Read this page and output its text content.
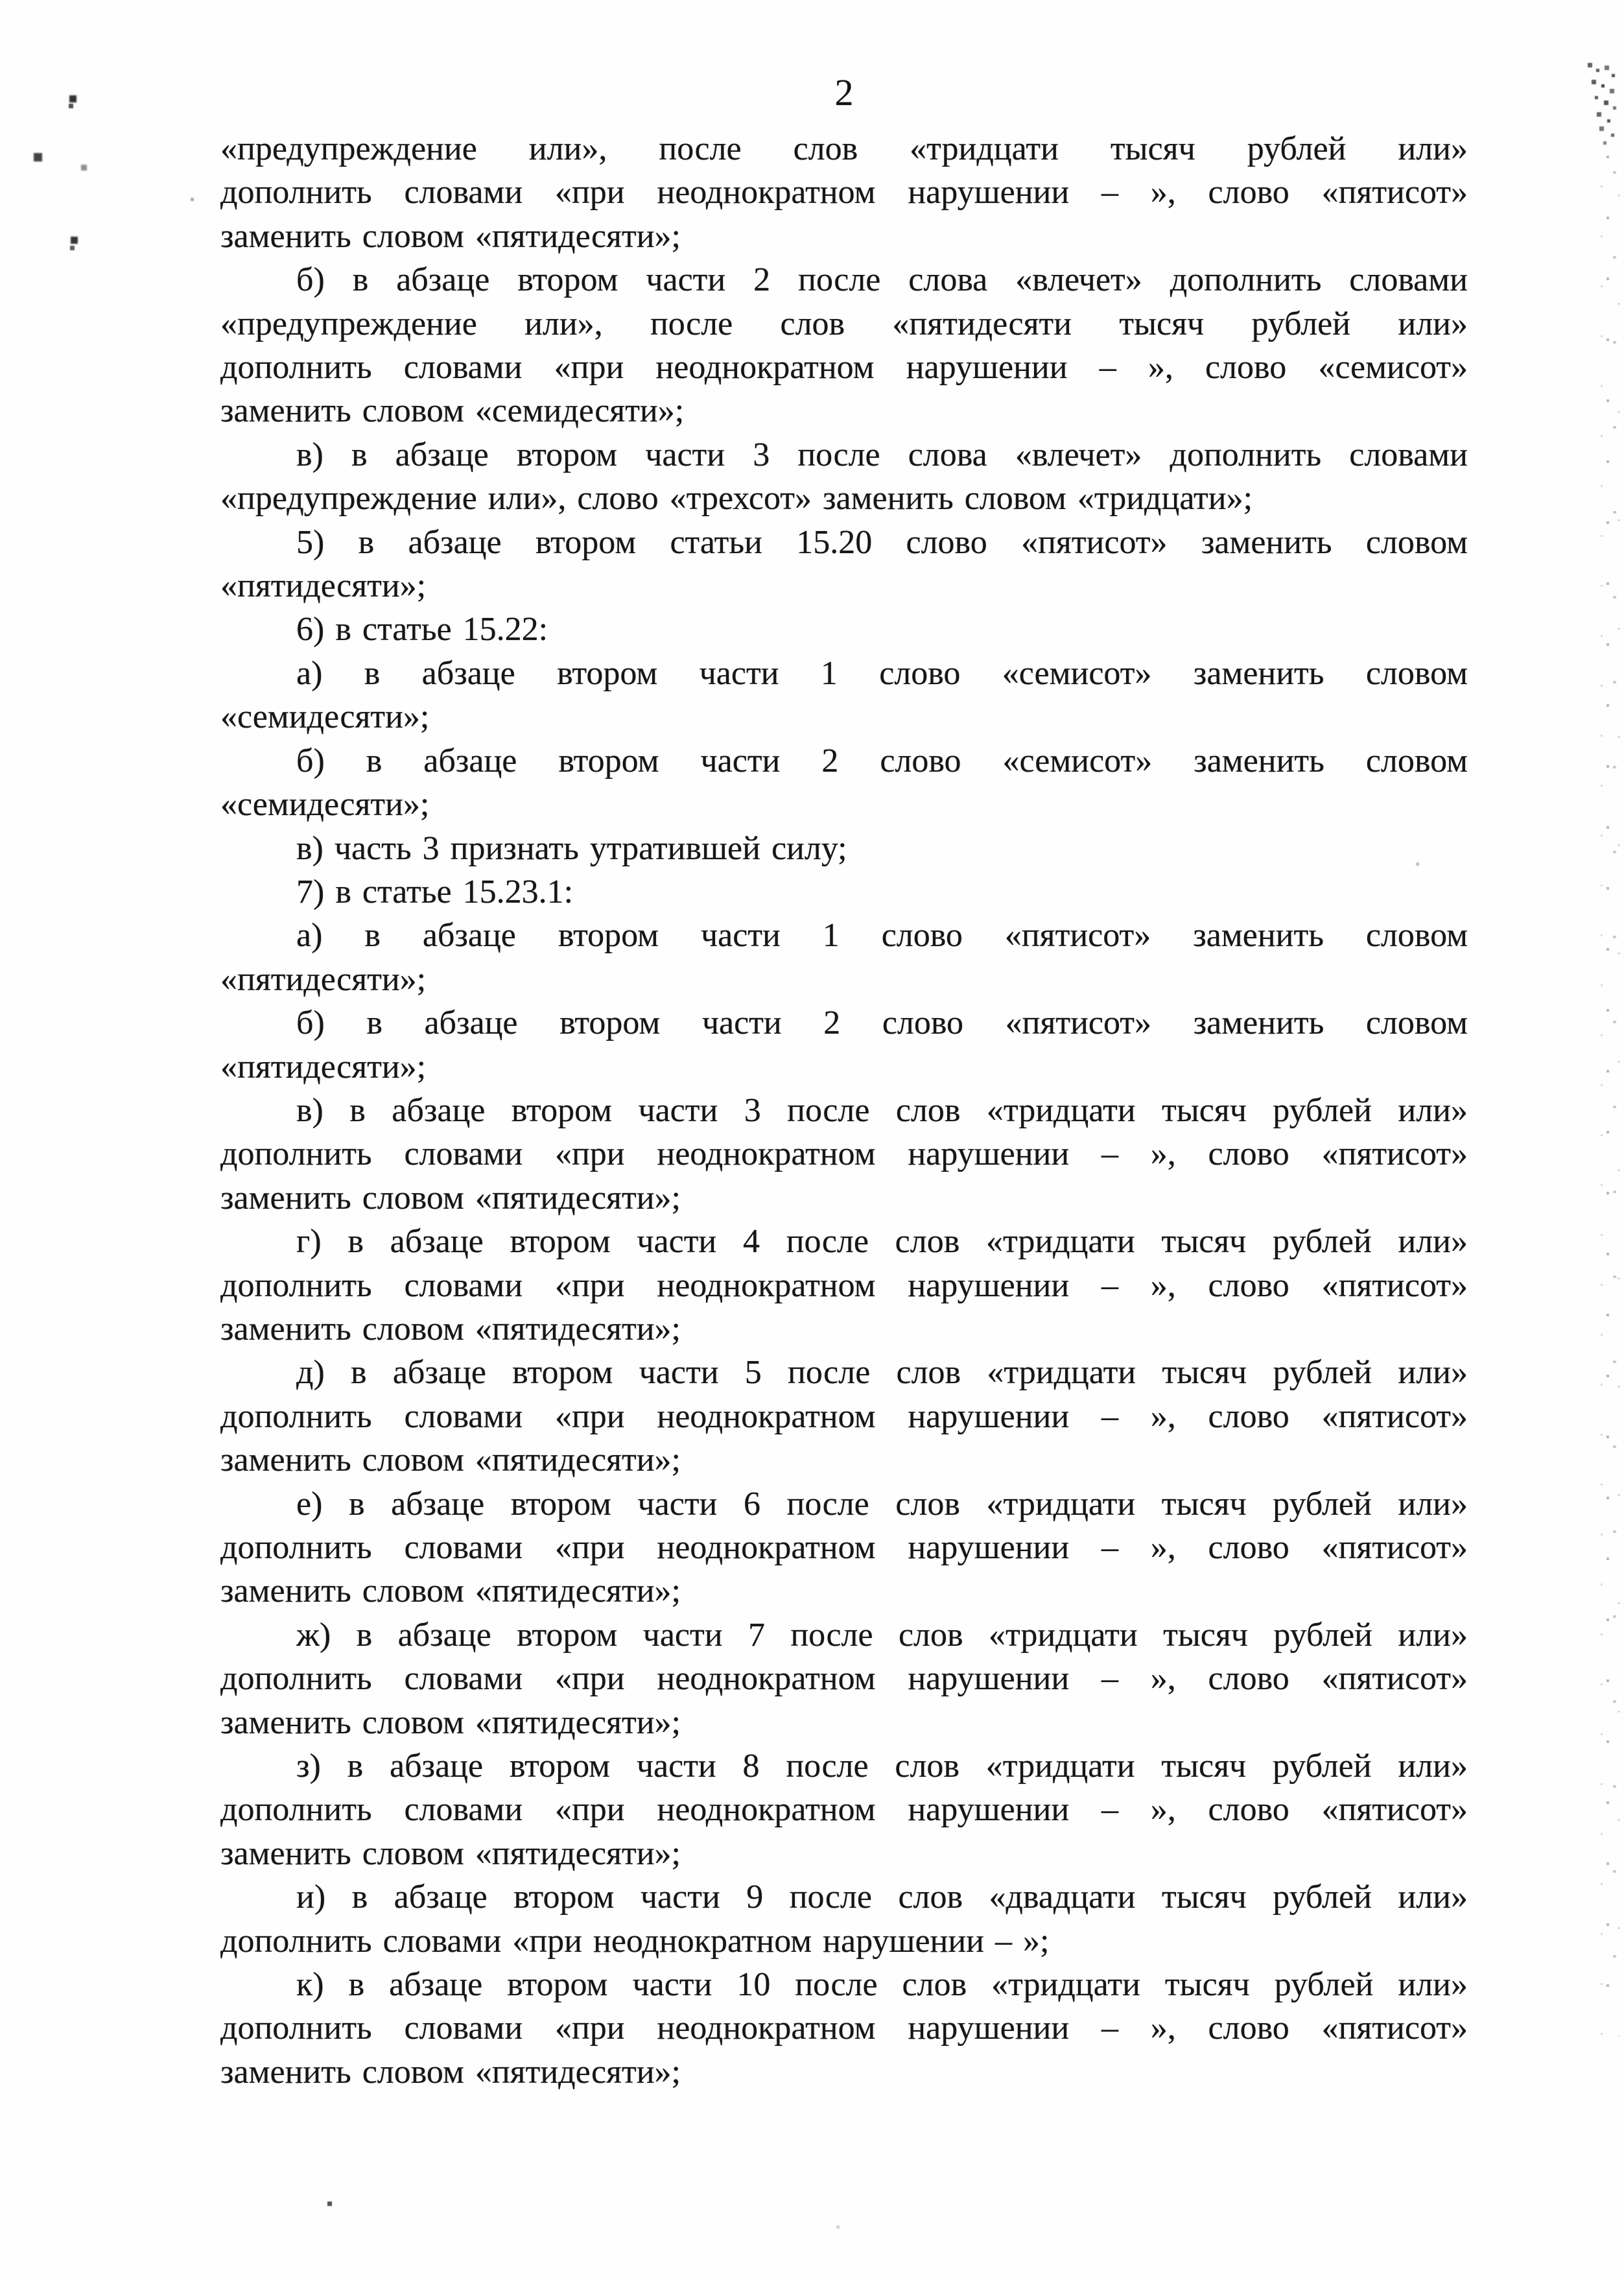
2
«предупреждение или», после слов «тридцати тысяч рублей или»
дополнить словами «при неоднократном нарушении – », слово «пятисот»
заменить словом «пятидесяти»;
б) в абзаце втором части 2 после слова «влечет» дополнить словами
«предупреждение или», после слов «пятидесяти тысяч рублей или»
дополнить словами «при неоднократном нарушении – », слово «семисот»
заменить словом «семидесяти»;
в) в абзаце втором части 3 после слова «влечет» дополнить словами
«предупреждение или», слово «трехсот» заменить словом «тридцати»;
5) в абзаце втором статьи 15.20 слово «пятисот» заменить словом
«пятидесяти»;
6) в статье 15.22:
а) в абзаце втором части 1 слово «семисот» заменить словом
«семидесяти»;
б) в абзаце втором части 2 слово «семисот» заменить словом
«семидесяти»;
в) часть 3 признать утратившей силу;
7) в статье 15.23.1:
а) в абзаце втором части 1 слово «пятисот» заменить словом
«пятидесяти»;
б) в абзаце втором части 2 слово «пятисот» заменить словом
«пятидесяти»;
в) в абзаце втором части 3 после слов «тридцати тысяч рублей или»
дополнить словами «при неоднократном нарушении – », слово «пятисот»
заменить словом «пятидесяти»;
г) в абзаце втором части 4 после слов «тридцати тысяч рублей или»
дополнить словами «при неоднократном нарушении – », слово «пятисот»
заменить словом «пятидесяти»;
д) в абзаце втором части 5 после слов «тридцати тысяч рублей или»
дополнить словами «при неоднократном нарушении – », слово «пятисот»
заменить словом «пятидесяти»;
е) в абзаце втором части 6 после слов «тридцати тысяч рублей или»
дополнить словами «при неоднократном нарушении – », слово «пятисот»
заменить словом «пятидесяти»;
ж) в абзаце втором части 7 после слов «тридцати тысяч рублей или»
дополнить словами «при неоднократном нарушении – », слово «пятисот»
заменить словом «пятидесяти»;
з) в абзаце втором части 8 после слов «тридцати тысяч рублей или»
дополнить словами «при неоднократном нарушении – », слово «пятисот»
заменить словом «пятидесяти»;
и) в абзаце втором части 9 после слов «двадцати тысяч рублей или»
дополнить словами «при неоднократном нарушении – »;
к) в абзаце втором части 10 после слов «тридцати тысяч рублей или»
дополнить словами «при неоднократном нарушении – », слово «пятисот»
заменить словом «пятидесяти»;
